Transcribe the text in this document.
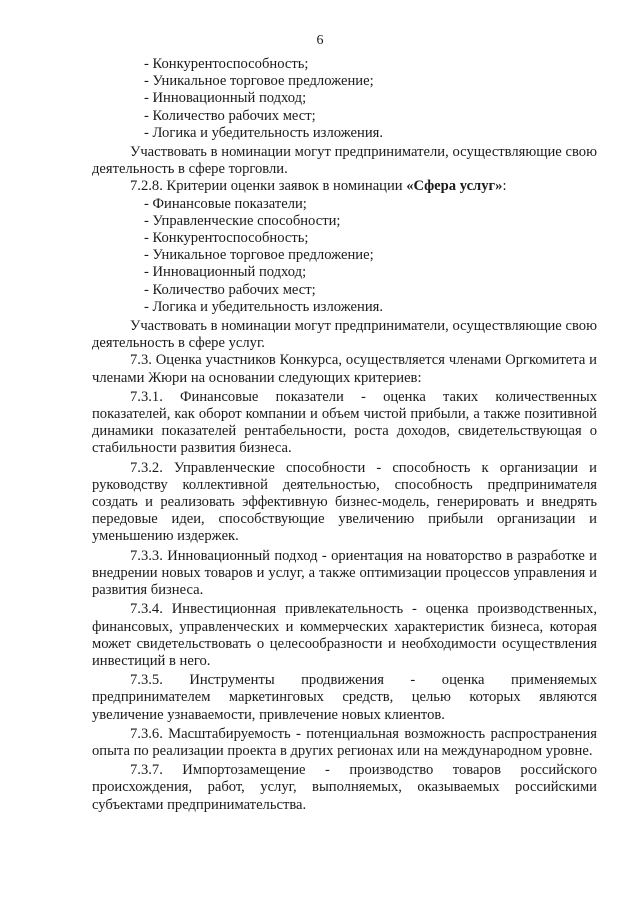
6
- Конкурентоспособность;
- Уникальное торговое предложение;
- Инновационный подход;
- Количество рабочих мест;
- Логика и убедительность изложения.

Участвовать в номинации могут предприниматели, осуществляющие свою деятельность в сфере торговли.

7.2.8. Критерии оценки заявок в номинации «Сфера услуг»:

- Финансовые показатели;
- Управленческие способности;
- Конкурентоспособность;
- Уникальное торговое предложение;
- Инновационный подход;
- Количество рабочих мест;
- Логика и убедительность изложения.

Участвовать в номинации могут предприниматели, осуществляющие свою деятельность в сфере услуг.

7.3. Оценка участников Конкурса, осуществляется членами Оргкомитета и членами Жюри на основании следующих критериев:

7.3.1. Финансовые показатели - оценка таких количественных показателей, как оборот компании и объем чистой прибыли, а также позитивной динамики показателей рентабельности, роста доходов, свидетельствующая о стабильности развития бизнеса.

7.3.2. Управленческие способности - способность к организации и руководству коллективной деятельностью, способность предпринимателя создать и реализовать эффективную бизнес-модель, генерировать и внедрять передовые идеи, способствующие увеличению прибыли организации и уменьшению издержек.

7.3.3. Инновационный подход - ориентация на новаторство в разработке и внедрении новых товаров и услуг, а также оптимизации процессов управления и развития бизнеса.

7.3.4. Инвестиционная привлекательность - оценка производственных, финансовых, управленческих и коммерческих характеристик бизнеса, которая может свидетельствовать о целесообразности и необходимости осуществления инвестиций в него.

7.3.5. Инструменты продвижения - оценка применяемых предпринимателем маркетинговых средств, целью которых являются увеличение узнаваемости, привлечение новых клиентов.

7.3.6. Масштабируемость - потенциальная возможность распространения опыта по реализации проекта в других регионах или на международном уровне.

7.3.7. Импортозамещение - производство товаров российского происхождения, работ, услуг, выполняемых, оказываемых российскими субъектами предпринимательства.
